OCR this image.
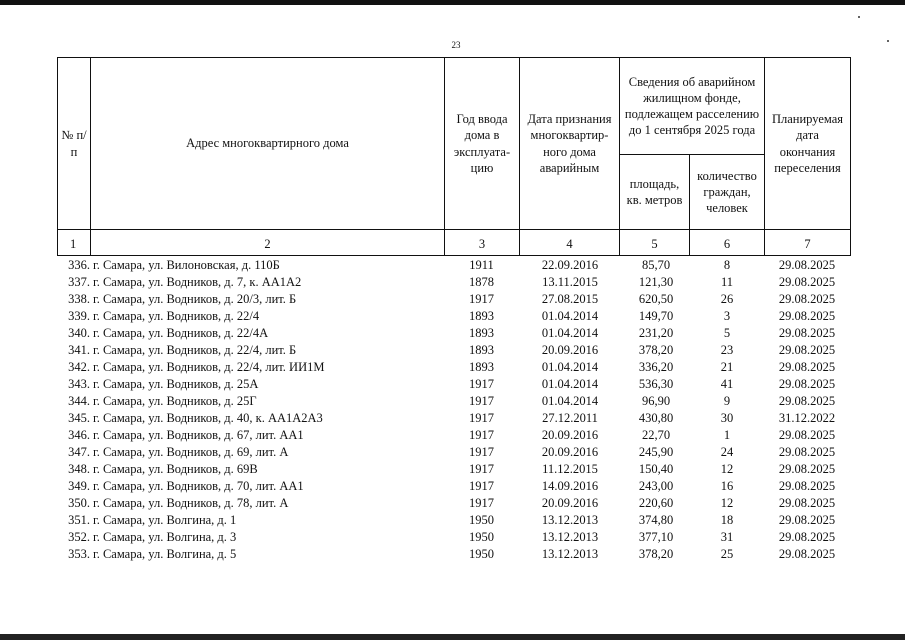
23
№ п/п	Адрес многоквартирного дома	Год ввода дома в эксплуата-цию	Дата признания многоквартир-ного дома аварийным	Сведения об аварийном жилищном фонде, подлежащем расселению до 1 сентября 2025 года		Планируемая дата окончания переселения
				площадь, кв. метров	количество граждан, человек	
1	2	3	4	5	6	7
336. г. Самара, ул. Вилоновская, д. 110Б	1911	22.09.2016	85,70	8	29.08.2025
337. г. Самара, ул. Водников, д. 7, к. АА1А2	1878	13.11.2015	121,30	11	29.08.2025
338. г. Самара, ул. Водников, д. 20/3, лит. Б	1917	27.08.2015	620,50	26	29.08.2025
339. г. Самара, ул. Водников, д. 22/4	1893	01.04.2014	149,70	3	29.08.2025
340. г. Самара, ул. Водников, д. 22/4А	1893	01.04.2014	231,20	5	29.08.2025
341. г. Самара, ул. Водников, д. 22/4, лит. Б	1893	20.09.2016	378,20	23	29.08.2025
342. г. Самара, ул. Водников, д. 22/4, лит. ИИ1М	1893	01.04.2014	336,20	21	29.08.2025
343. г. Самара, ул. Водников, д. 25А	1917	01.04.2014	536,30	41	29.08.2025
344. г. Самара, ул. Водников, д. 25Г	1917	01.04.2014	96,90	9	29.08.2025
345. г. Самара, ул. Водников, д. 40, к. АА1А2А3	1917	27.12.2011	430,80	30	31.12.2022
346. г. Самара, ул. Водников, д. 67, лит. АА1	1917	20.09.2016	22,70	1	29.08.2025
347. г. Самара, ул. Водников, д. 69, лит. А	1917	20.09.2016	245,90	24	29.08.2025
348. г. Самара, ул. Водников, д. 69В	1917	11.12.2015	150,40	12	29.08.2025
349. г. Самара, ул. Водников, д. 70, лит. АА1	1917	14.09.2016	243,00	16	29.08.2025
350. г. Самара, ул. Водников, д. 78, лит. А	1917	20.09.2016	220,60	12	29.08.2025
351. г. Самара, ул. Волгина, д. 1	1950	13.12.2013	374,80	18	29.08.2025
352. г. Самара, ул. Волгина, д. 3	1950	13.12.2013	377,10	31	29.08.2025
353. г. Самара, ул. Волгина, д. 5	1950	13.12.2013	378,20	25	29.08.2025
